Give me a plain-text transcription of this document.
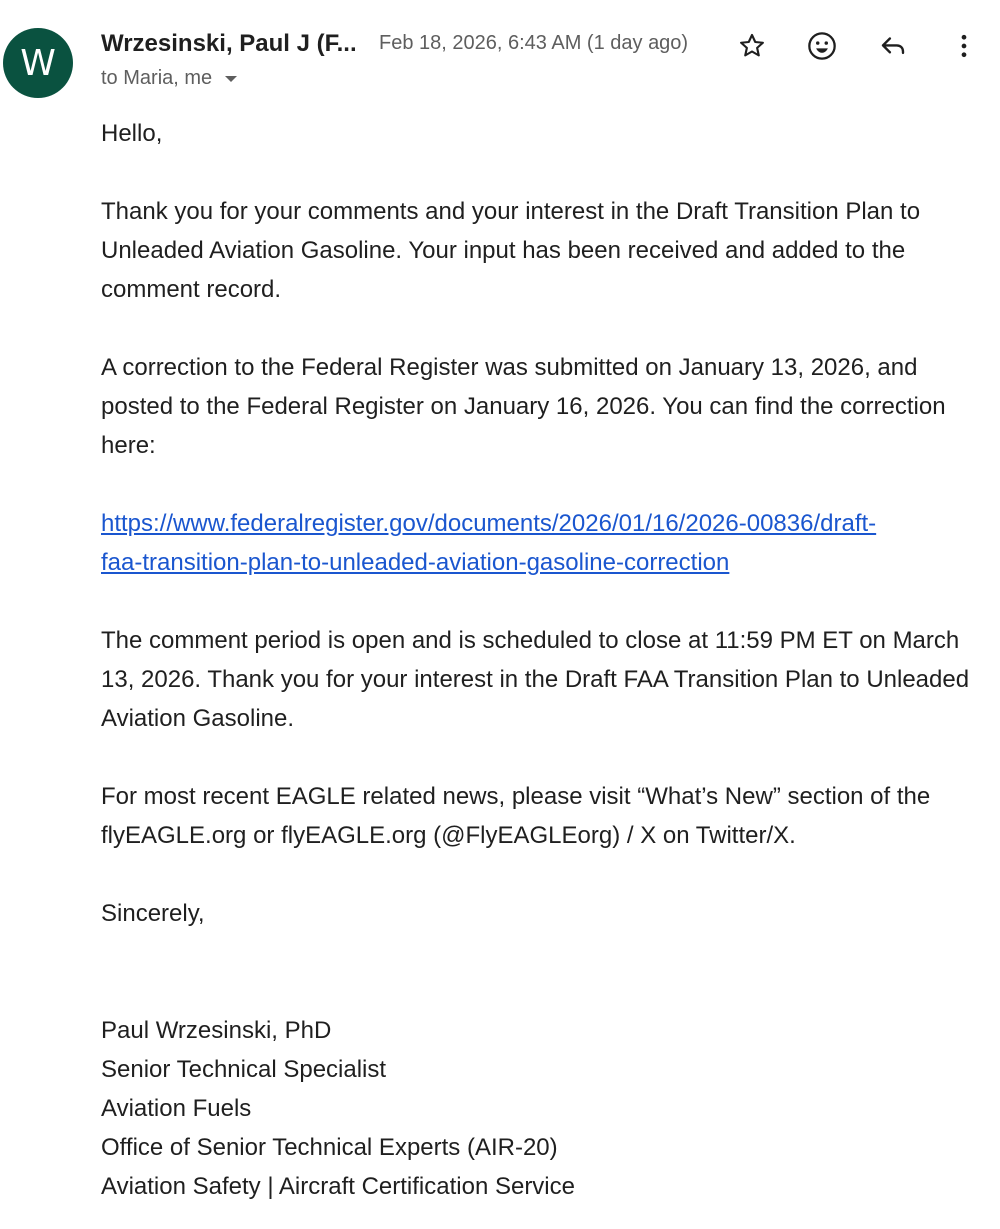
W Wrzesinski, Paul J (F... Feb 18, 2026, 6:43 AM (1 day ago)
to
Maria, me

Hello,

Thank you for your comments and your interest in the Draft Transition Plan to Unleaded Aviation Gasoline. Your input has been received and added to the comment record.

A correction to the Federal Register was submitted on January 13, 2026, and posted to the Federal Register on January 16, 2026. You can find the correction here:

https://www.federalregister.gov/documents/2026/01/16/2026-00836/draft-
faa-transition-plan-to-unleaded-aviation-gasoline-correction

The comment period is open and is scheduled to close at 11:59 PM ET on March 13, 2026. Thank you for your interest in the Draft FAA Transition Plan to Unleaded Aviation Gasoline.

For most recent EAGLE related news, please visit “What’s New” section of the flyEAGLE.org or flyEAGLE.org (@FlyEAGLEorg) / X on Twitter/X.

Sincerely,

Paul Wrzesinski, PhD

Senior Technical Specialist

Aviation Fuels

Office of Senior Technical Experts (AIR-20)

Aviation Safety | Aircraft Certification Service
